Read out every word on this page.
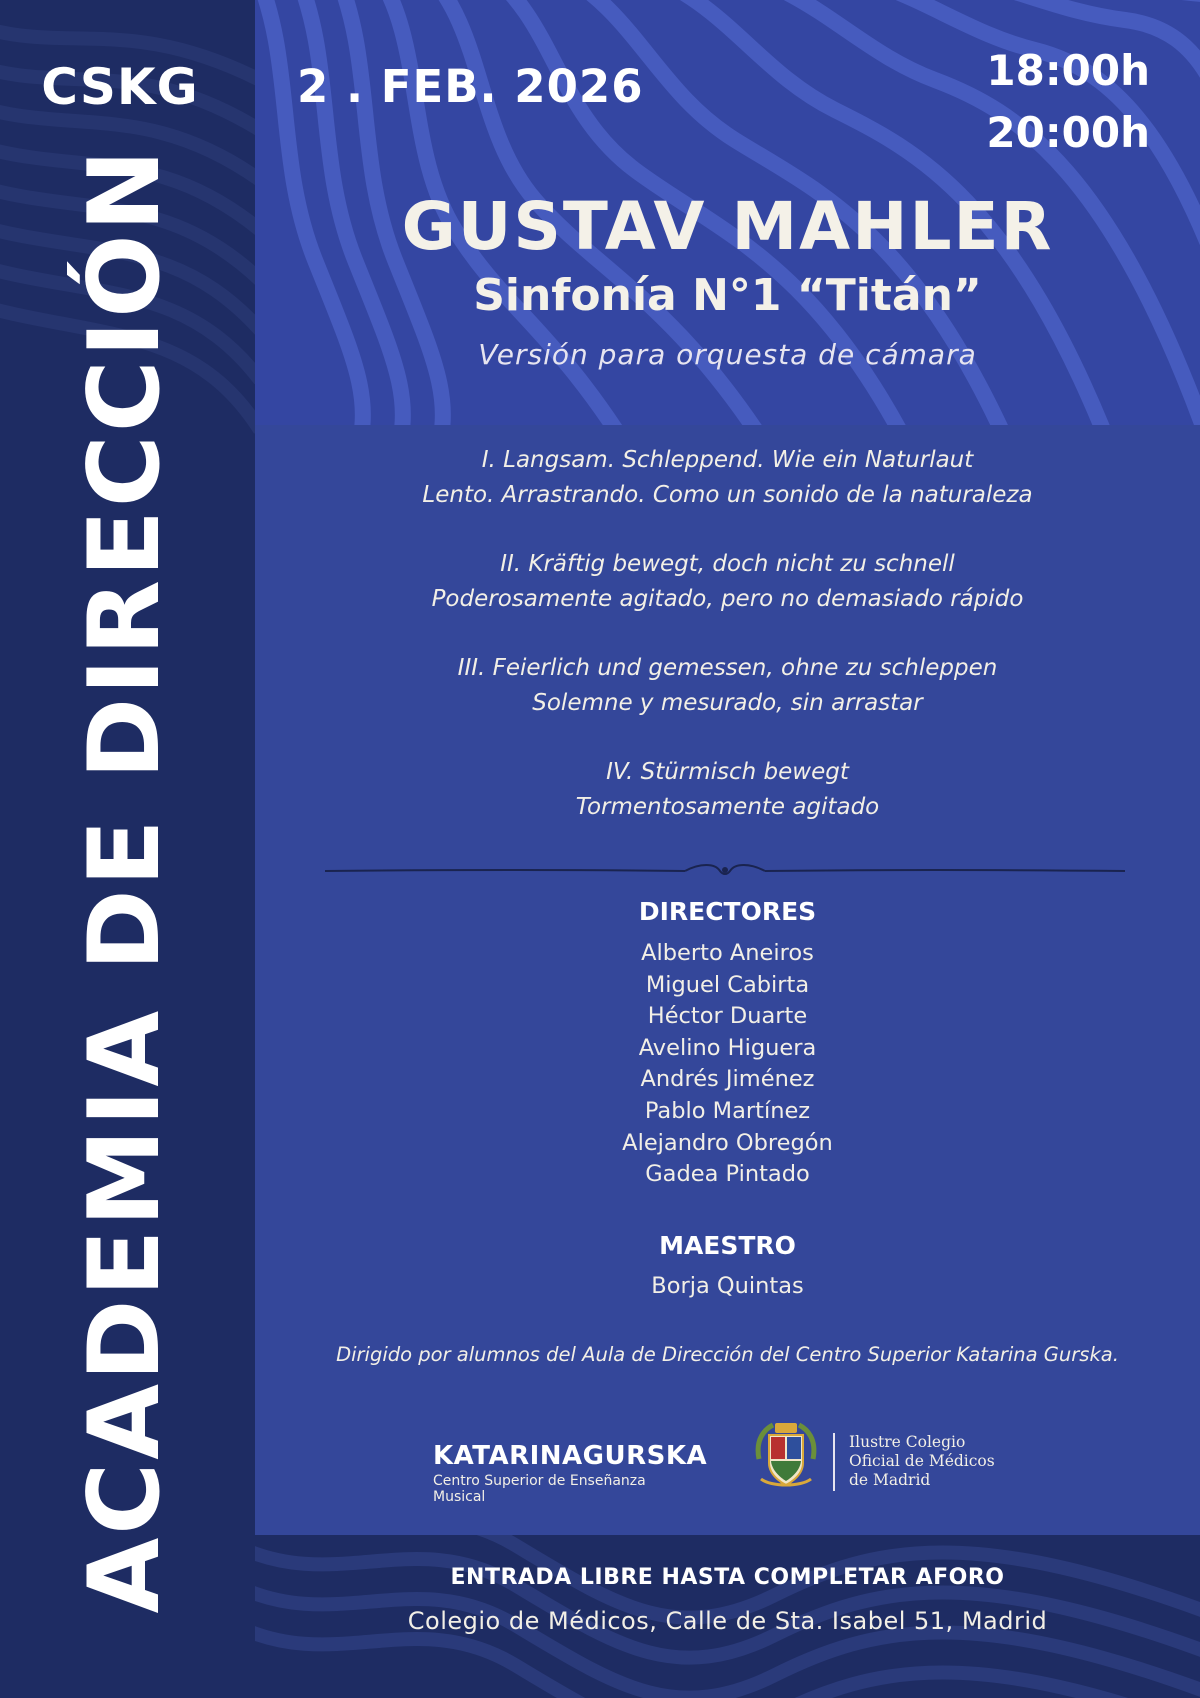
CSKG
ACADEMIA DE DIRECCIÓN
2 . FEB. 2026	18:00h
20:00h
GUSTAV MAHLER
Sinfonía N°1 “Titán”
Versión para orquesta de cámara
I. Langsam. Schleppend. Wie ein Naturlaut
Lento. Arrastrando. Como un sonido de la naturaleza
II. Kräftig bewegt, doch nicht zu schnell
Poderosamente agitado, pero no demasiado rápido
III. Feierlich und gemessen, ohne zu schleppen
Solemne y mesurado, sin arrastar
IV. Stürmisch bewegt
Tormentosamente agitado
DIRECTORES
Alberto Aneiros
Miguel Cabirta
Héctor Duarte
Avelino Higuera
Andrés Jiménez
Pablo Martínez
Alejandro Obregón
Gadea Pintado
MAESTRO
Borja Quintas
Dirigido por alumnos del Aula de Dirección del Centro Superior Katarina Gurska.
KATARINAGURSKA
Centro Superior de Enseñanza Musical
Ilustre Colegio
Oficial de Médicos
de Madrid
ENTRADA LIBRE HASTA COMPLETAR AFORO
Colegio de Médicos, Calle de Sta. Isabel 51, Madrid
